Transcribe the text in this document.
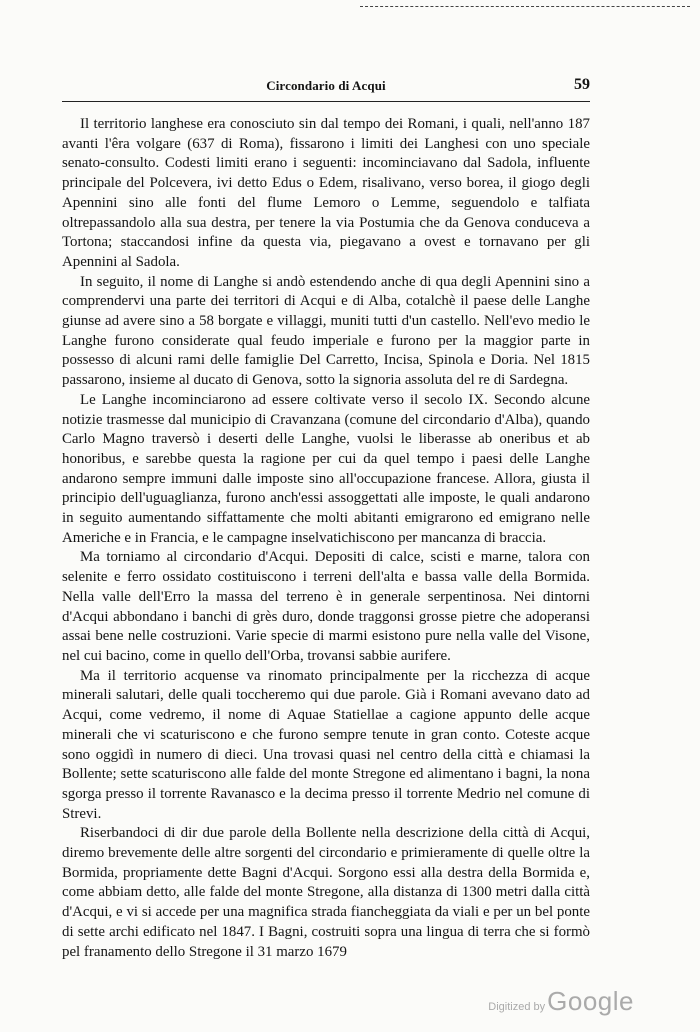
Circondario di Acqui	59

Il territorio langhese era conosciuto sin dal tempo dei Romani, i quali, nell'anno 187 avanti l'êra volgare (637 di Roma), fissarono i limiti dei Langhesi con uno speciale senato-consulto. Codesti limiti erano i seguenti: incominciavano dal Sadola, influente principale del Polcevera, ivi detto Edus o Edem, risalivano, verso borea, il giogo degli Apennini sino alle fonti del flume Lemoro o Lemme, seguendolo e talfiata oltrepassandolo alla sua destra, per tenere la via Postumia che da Genova conduceva a Tortona; staccandosi infine da questa via, piegavano a ovest e tornavano per gli Apennini al Sadola.

In seguito, il nome di Langhe si andò estendendo anche di qua degli Apennini sino a comprendervi una parte dei territori di Acqui e di Alba, cotalchè il paese delle Langhe giunse ad avere sino a 58 borgate e villaggi, muniti tutti d'un castello. Nell'evo medio le Langhe furono considerate qual feudo imperiale e furono per la maggior parte in possesso di alcuni rami delle famiglie Del Carretto, Incisa, Spinola e Doria. Nel 1815 passarono, insieme al ducato di Genova, sotto la signoria assoluta del re di Sardegna.

Le Langhe incominciarono ad essere coltivate verso il secolo IX. Secondo alcune notizie trasmesse dal municipio di Cravanzana (comune del circondario d'Alba), quando Carlo Magno traversò i deserti delle Langhe, vuolsi le liberasse ab oneribus et ab honoribus, e sarebbe questa la ragione per cui da quel tempo i paesi delle Langhe andarono sempre immuni dalle imposte sino all'occupazione francese. Allora, giusta il principio dell'uguaglianza, furono anch'essi assoggettati alle imposte, le quali andarono in seguito aumentando siffattamente che molti abitanti emigrarono ed emigrano nelle Americhe e in Francia, e le campagne inselvatichiscono per mancanza di braccia.

Ma torniamo al circondario d'Acqui. Depositi di calce, scisti e marne, talora con selenite e ferro ossidato costituiscono i terreni dell'alta e bassa valle della Bormida. Nella valle dell'Erro la massa del terreno è in generale serpentinosa. Nei dintorni d'Acqui abbondano i banchi di grès duro, donde traggonsi grosse pietre che adoperansi assai bene nelle costruzioni. Varie specie di marmi esistono pure nella valle del Visone, nel cui bacino, come in quello dell'Orba, trovansi sabbie aurifere.

Ma il territorio acquense va rinomato principalmente per la ricchezza di acque minerali salutari, delle quali toccheremo qui due parole. Già i Romani avevano dato ad Acqui, come vedremo, il nome di Aquae Statiellae a cagione appunto delle acque minerali che vi scaturiscono e che furono sempre tenute in gran conto. Coteste acque sono oggidì in numero di dieci. Una trovasi quasi nel centro della città e chiamasi la Bollente; sette scaturiscono alle falde del monte Stregone ed alimentano i bagni, la nona sgorga presso il torrente Ravanasco e la decima presso il torrente Medrio nel comune di Strevi.

Riserbandoci di dir due parole della Bollente nella descrizione della città di Acqui, diremo brevemente delle altre sorgenti del circondario e primieramente di quelle oltre la Bormida, propriamente dette Bagni d'Acqui. Sorgono essi alla destra della Bormida e, come abbiam detto, alle falde del monte Stregone, alla distanza di 1300 metri dalla città d'Acqui, e vi si accede per una magnifica strada fiancheggiata da viali e per un bel ponte di sette archi edificato nel 1847. I Bagni, costruiti sopra una lingua di terra che si formò pel franamento dello Stregone il 31 marzo 1679

Digitized by Google
